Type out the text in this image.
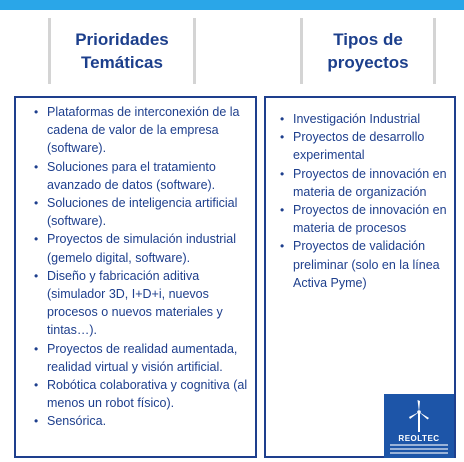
Prioridades
Temáticas
Tipos de
proyectos
• Plataformas de interconexión de la cadena de valor de la empresa (software).
• Soluciones para el tratamiento avanzado de datos (software).
• Soluciones de inteligencia artificial (software).
• Proyectos de simulación industrial (gemelo digital, software).
• Diseño y fabricación aditiva (simulador 3D, I+D+i, nuevos procesos o nuevos materiales y tintas…).
• Proyectos de realidad aumentada, realidad virtual y visión artificial.
• Robótica colaborativa y cognitiva (al menos un robot físico).
• Sensórica.
• Investigación Industrial
• Proyectos de desarrollo experimental
• Proyectos de innovación en materia de organización
• Proyectos de innovación en materia de procesos
• Proyectos de validación preliminar (solo en la línea Activa Pyme)
REOLTEC
